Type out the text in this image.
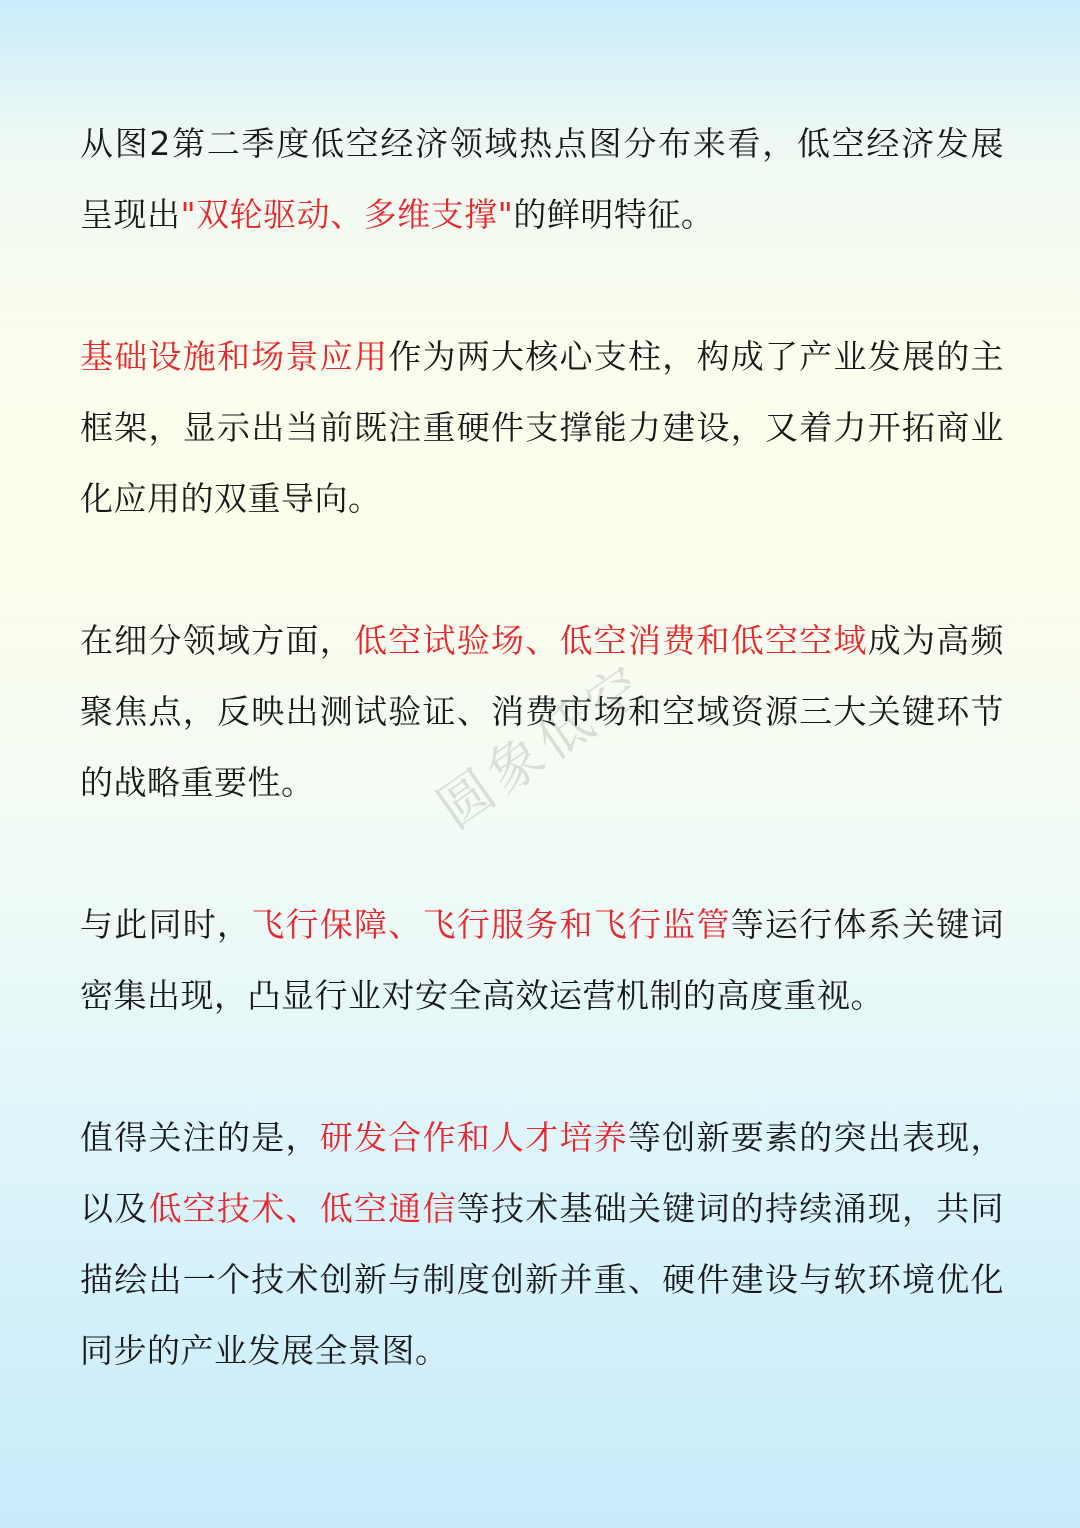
从图2第二季度低空经济领域热点图分布来看，低空经济发展呈现出"双轮驱动、多维支撑"的鲜明特征。

基础设施和场景应用作为两大核心支柱，构成了产业发展的主框架，显示出当前既注重硬件支撑能力建设，又着力开拓商业化应用的双重导向。

在细分领域方面，低空试验场、低空消费和低空空域成为高频聚焦点，反映出测试验证、消费市场和空域资源三大关键环节的战略重要性。

与此同时，飞行保障、飞行服务和飞行监管等运行体系关键词密集出现，凸显行业对安全高效运营机制的高度重视。

值得关注的是，研发合作和人才培养等创新要素的突出表现，以及低空技术、低空通信等技术基础关键词的持续涌现，共同描绘出一个技术创新与制度创新并重、硬件建设与软环境优化同步的产业发展全景图。

圆象低空
